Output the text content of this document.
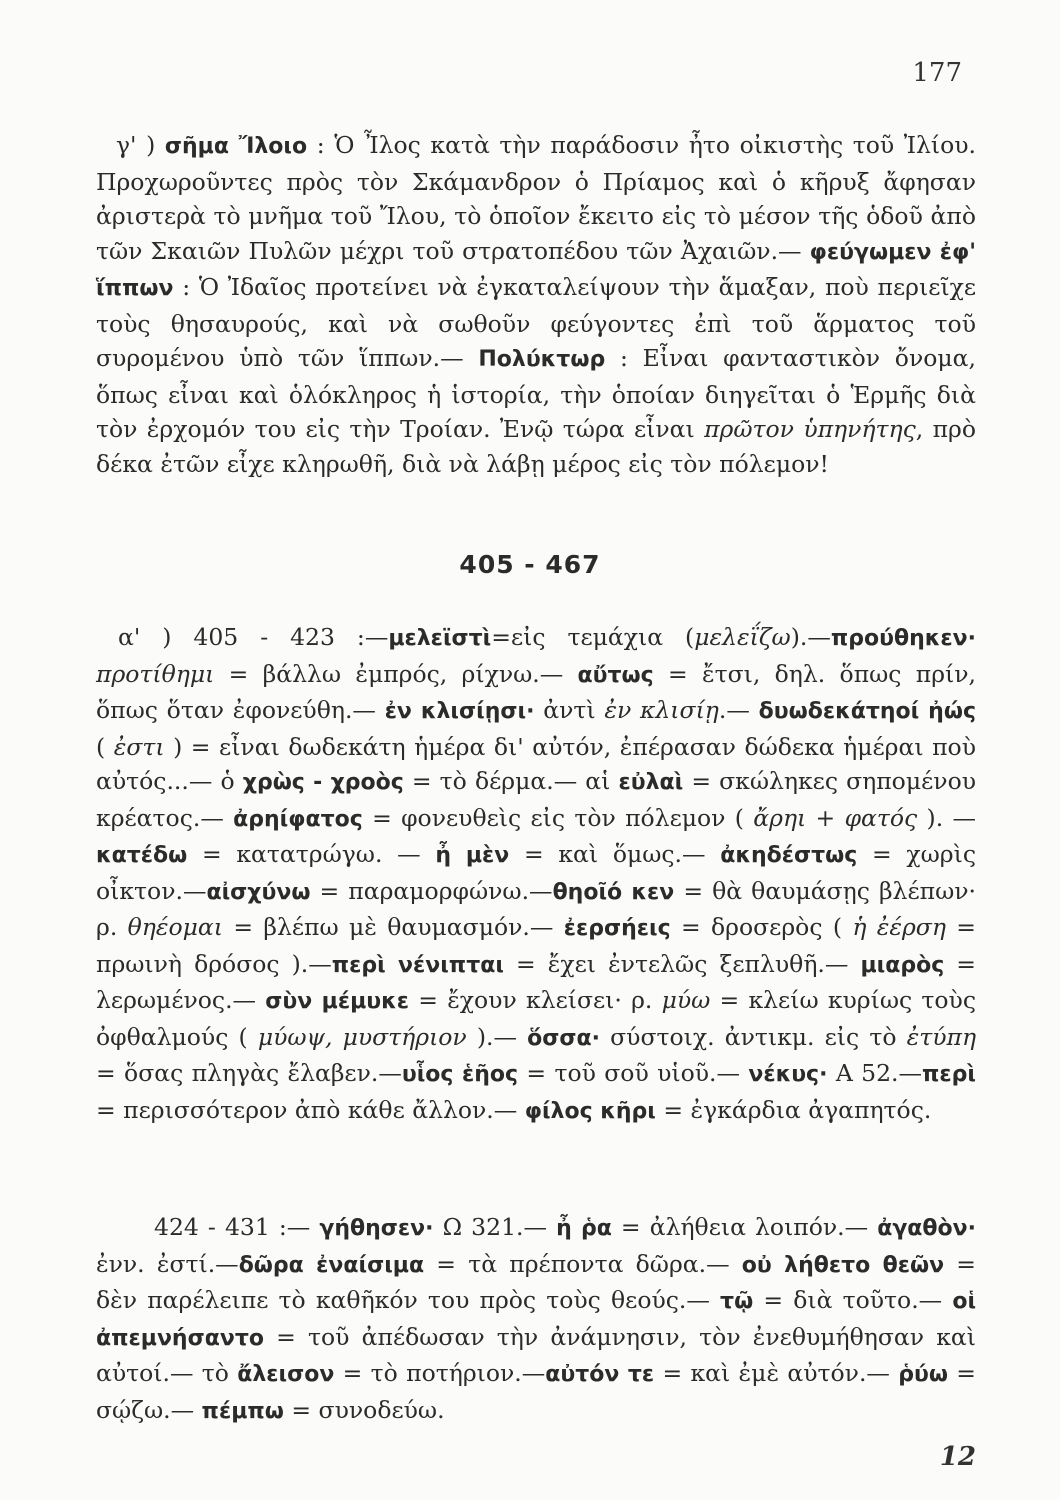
177
γ' ) σῆμα Ἴλοιο : Ὁ Ἶλος κατὰ τὴν παράδοσιν ἦτο οἰκιστὴς τοῦ Ἰλίου. Προχωροῦντες πρὸς τὸν Σκάμανδρον ὁ Πρίαμος καὶ ὁ κῆρυξ ἄφησαν ἀριστερὰ τὸ μνῆμα τοῦ Ἴλου, τὸ ὁποῖον ἔκειτο εἰς τὸ μέσον τῆς ὁδοῦ ἀπὸ τῶν Σκαιῶν Πυλῶν μέχρι τοῦ στρατοπέδου τῶν Ἀχαιῶν.— φεύγωμεν ἐφ' ἵππων : Ὁ Ἰδαῖος προτείνει νὰ ἐγκαταλείψουν τὴν ἅμαξαν, ποὺ περιεῖχε τοὺς θησαυρούς, καὶ νὰ σωθοῦν φεύγοντες ἐπὶ τοῦ ἅρματος τοῦ συρομένου ὑπὸ τῶν ἵππων.— Πολύκτωρ : Εἶναι φανταστικὸν ὄνομα, ὅπως εἶναι καὶ ὁλόκληρος ἡ ἱστορία, τὴν ὁποίαν διηγεῖται ὁ Ἑρμῆς διὰ τὸν ἐρχομόν του εἰς τὴν Τροίαν. Ἐνῷ τώρα εἶναι πρῶτον ὑπηνήτης, πρὸ δέκα ἐτῶν εἶχε κληρωθῆ, διὰ νὰ λάβῃ μέρος εἰς τὸν πόλεμον!
405 - 467
α' ) 405 - 423 :—μελεϊστὶ=εἰς τεμάχια (μελεΐζω).—προύθηκεν· προτίθημι = βάλλω ἐμπρός, ρίχνω.— αὔτως = ἔτσι, δηλ. ὅπως πρίν, ὅπως ὅταν ἐφονεύθη.— ἐν κλισίῃσι· ἀντὶ ἐν κλισίῃ.— δυωδεκάτηοί ἠώς ( ἐστι ) = εἶναι δωδεκάτη ἡμέρα δι' αὐτόν, ἐπέρασαν δώδεκα ἡμέραι ποὺ αὐτός...— ὁ χρὼς - χροὸς = τὸ δέρμα.— αἱ εὐλαὶ = σκώληκες σηπομένου κρέατος.— ἀρηίφατος = φονευθεὶς εἰς τὸν πόλεμον ( ἄρηι + φατός ). — κατέδω = κατατρώγω. — ἦ μὲν = καὶ ὅμως.— ἀκηδέστως = χωρὶς οἶκτον.—αἰσχύνω = παραμορφώνω.—θηοῖό κεν = θὰ θαυμάσῃς βλέπων· ρ. θηέομαι = βλέπω μὲ θαυμασμόν.— ἐερσήεις = δροσερὸς ( ἡ ἐέρση = πρωινὴ δρόσος ).—περὶ νένιπται = ἔχει ἐντελῶς ξεπλυθῆ.— μιαρὸς = λερωμένος.— σὺν μέμυκε = ἔχουν κλείσει· ρ. μύω = κλείω κυρίως τοὺς ὀφθαλμούς ( μύωψ, μυστήριον ).— ὅσσα· σύστοιχ. ἀντικμ. εἰς τὸ ἐτύπη = ὅσας πληγὰς ἔλαβεν.—υἷος ἑῆος = τοῦ σοῦ υἱοῦ.— νέκυς· Α 52.—περὶ = περισσότερον ἀπὸ κάθε ἄλλον.— φίλος κῆρι = ἐγκάρδια ἀγαπητός.
424 - 431 :— γήθησεν· Ω 321.— ἦ ῥα = ἀλήθεια λοιπόν.— ἀγαθὸν· ἐνν. ἐστί.—δῶρα ἐναίσιμα = τὰ πρέποντα δῶρα.— οὐ λήθετο θεῶν = δὲν παρέλειπε τὸ καθῆκόν του πρὸς τοὺς θεούς.— τῷ = διὰ τοῦτο.— οἱ ἀπεμνήσαντο = τοῦ ἀπέδωσαν τὴν ἀνάμνησιν, τὸν ἐνεθυμήθησαν καὶ αὐτοί.— τὸ ἄλεισον = τὸ ποτήριον.—αὐτόν τε = καὶ ἐμὲ αὐτόν.— ῥύω = σῴζω.— πέμπω = συνοδεύω.
12
